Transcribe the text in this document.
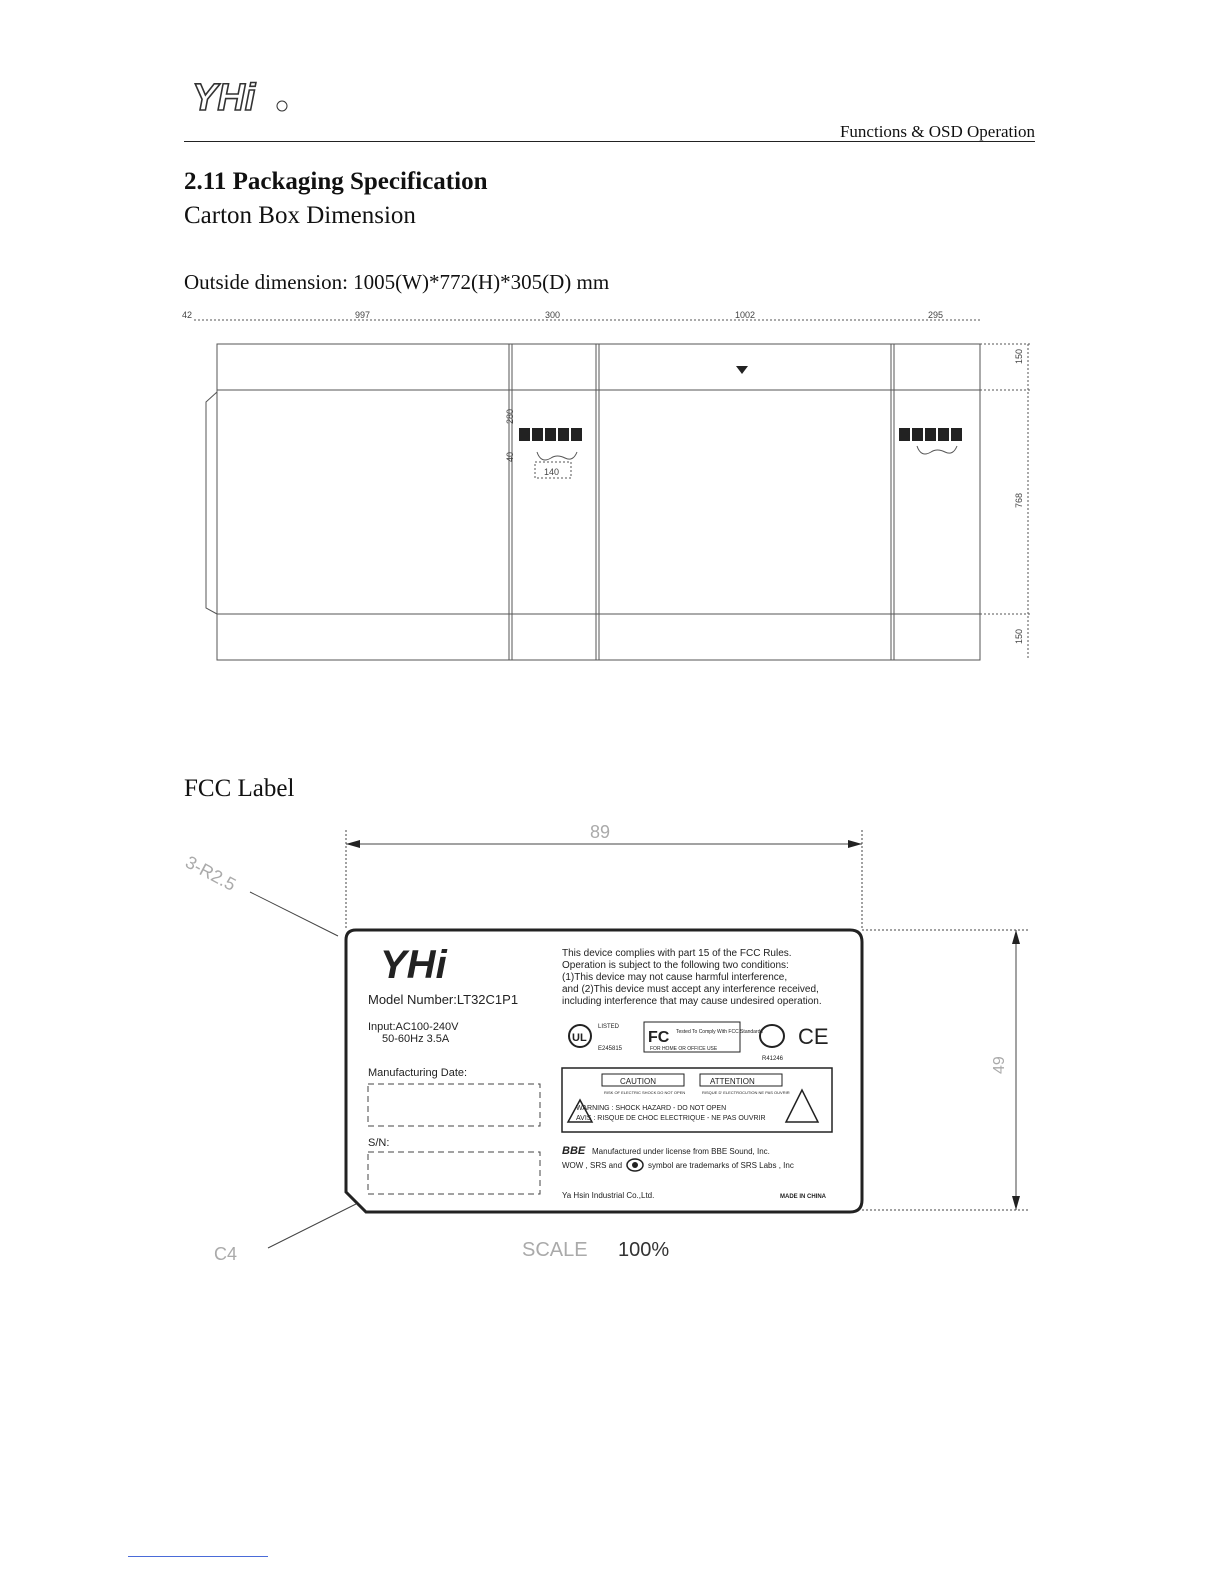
YHi
Functions & OSD Operation
2.11 Packaging Specification
Carton Box Dimension
Outside dimension: 1005(W)*772(H)*305(D) mm
42	997	300	1002	295
150
768
150
40
280
140
FCC Label
89
49
3-R2.5
C4	SCALE 100%
YHi
Model Number:LT32C1P1
Input:AC100-240V
50-60Hz 3.5A
Manufacturing Date:
S/N:
This device complies with part 15 of the FCC Rules.
Operation is subject to the following two conditions:
(1)This device may not cause harmful interference,
and (2)This device must accept any interference received,
including interference that may cause undesired operation.
UL
LISTED
E245815
FC Tested To Comply With FCC Standards
FOR HOME OR OFFICE USE
R41246
CE
CAUTION
RISK OF ELECTRIC SHOCK DO NOT OPEN
ATTENTION
RISQUE D' ELECTROCUTION NE PAS OUVRIR
WARNING : SHOCK HAZARD - DO NOT OPEN
AVIS : RISQUE DE CHOC ELECTRIQUE - NE PAS OUVRIR
BBE Manufactured under license from BBE Sound, Inc.
WOW , SRS and	symbol are trademarks of SRS Labs , Inc
Ya Hsin Industrial Co.,Ltd.	MADE IN CHINA
